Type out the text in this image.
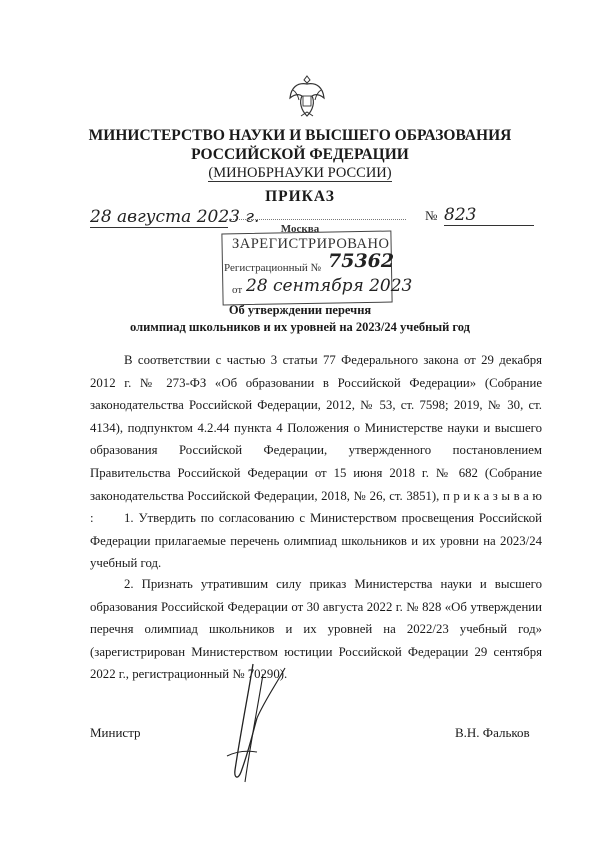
МИНИСТЕРСТВО НАУКИ И ВЫСШЕГО ОБРАЗОВАНИЯ
РОССИЙСКОЙ ФЕДЕРАЦИИ
(МИНОБРНАУКИ РОССИИ)
ПРИКАЗ
28 августа 2023 г.	№ 823
Москва
ЗАРЕГИСТРИРОВАНО
Регистрационный № 75362
от 28 сентября 2023
Об утверждении перечня
олимпиад школьников и их уровней на 2023/24 учебный год
В соответствии с частью 3 статьи 77 Федерального закона от 29 декабря 2012 г. № 273-ФЗ «Об образовании в Российской Федерации» (Собрание законодательства Российской Федерации, 2012, № 53, ст. 7598; 2019, № 30, ст. 4134), подпунктом 4.2.44 пункта 4 Положения о Министерстве науки и высшего образования Российской Федерации, утвержденного постановлением Правительства Российской Федерации от 15 июня 2018 г. № 682 (Собрание законодательства Российской Федерации, 2018, № 26, ст. 3851), п р и к а з ы в а ю :	1. Утвердить по согласованию с Министерством просвещения Российской Федерации прилагаемые перечень олимпиад школьников и их уровни на 2023/24 учебный год.
2. Признать утратившим силу приказ Министерства науки и высшего образования Российской Федерации от 30 августа 2022 г. № 828 «Об утверждении перечня олимпиад школьников и их уровней на 2022/23 учебный год» (зарегистрирован Министерством юстиции Российской Федерации 29 сентября 2022 г., регистрационный № 70290).
Министр	В.Н. Фальков
